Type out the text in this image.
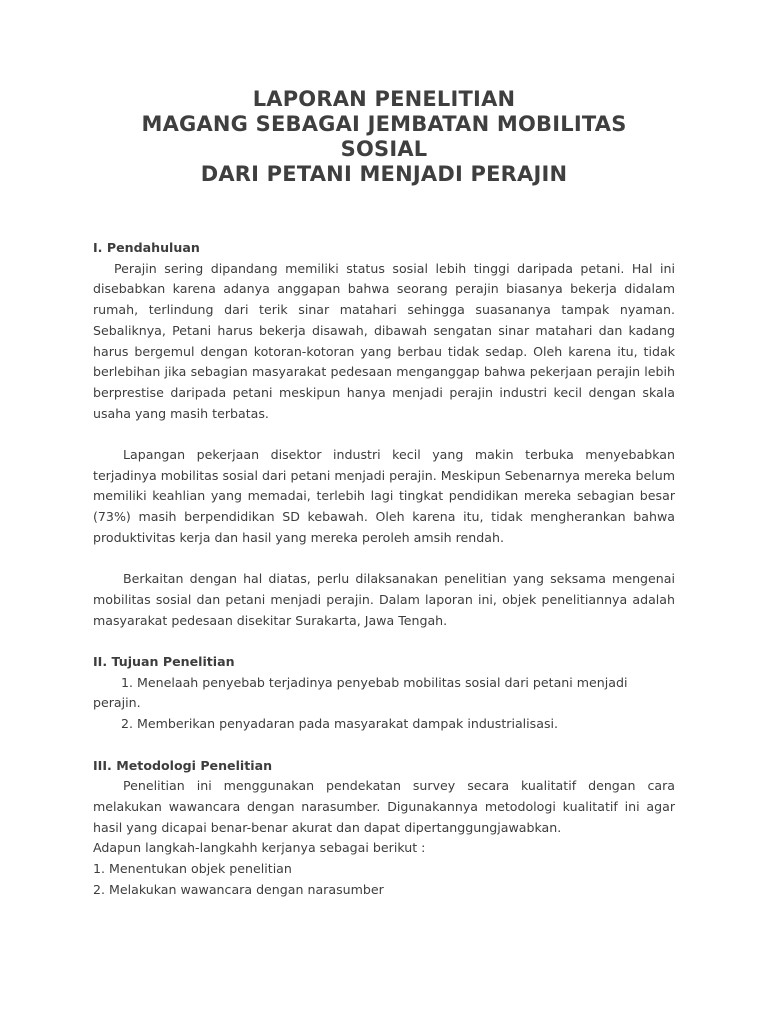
LAPORAN PENELITIAN
MAGANG SEBAGAI JEMBATAN MOBILITAS
SOSIAL
DARI PETANI MENJADI PERAJIN

I. Pendahuluan

Perajin sering dipandang memiliki status sosial lebih tinggi daripada petani. Hal ini disebabkan karena adanya anggapan bahwa seorang perajin biasanya bekerja didalam rumah, terlindung dari terik sinar matahari sehingga suasananya tampak nyaman. Sebaliknya, Petani harus bekerja disawah, dibawah sengatan sinar matahari dan kadang harus bergemul dengan kotoran-kotoran yang berbau tidak sedap. Oleh karena itu, tidak berlebihan jika sebagian masyarakat pedesaan menganggap bahwa pekerjaan perajin lebih berprestise daripada petani meskipun hanya menjadi perajin industri kecil dengan skala usaha yang masih terbatas.

Lapangan pekerjaan disektor industri kecil yang makin terbuka menyebabkan terjadinya mobilitas sosial dari petani menjadi perajin. Meskipun Sebenarnya mereka belum memiliki keahlian yang memadai, terlebih lagi tingkat pendidikan mereka sebagian besar (73%) masih berpendidikan SD kebawah. Oleh karena itu, tidak mengherankan bahwa produktivitas kerja dan hasil yang mereka peroleh amsih rendah.

Berkaitan dengan hal diatas, perlu dilaksanakan penelitian yang seksama mengenai mobilitas sosial dan petani menjadi perajin. Dalam laporan ini, objek penelitiannya adalah masyarakat pedesaan disekitar Surakarta, Jawa Tengah.

II. Tujuan Penelitian

1. Menelaah penyebab terjadinya penyebab mobilitas sosial dari petani menjadi perajin.

2. Memberikan penyadaran pada masyarakat dampak industrialisasi.

III. Metodologi Penelitian

Penelitian ini menggunakan pendekatan survey secara kualitatif dengan cara melakukan wawancara dengan narasumber. Digunakannya metodologi kualitatif ini agar hasil yang dicapai benar-benar akurat dan dapat dipertanggungjawabkan.

Adapun langkah-langkahh kerjanya sebagai berikut :

1. Menentukan objek penelitian

2. Melakukan wawancara dengan narasumber
